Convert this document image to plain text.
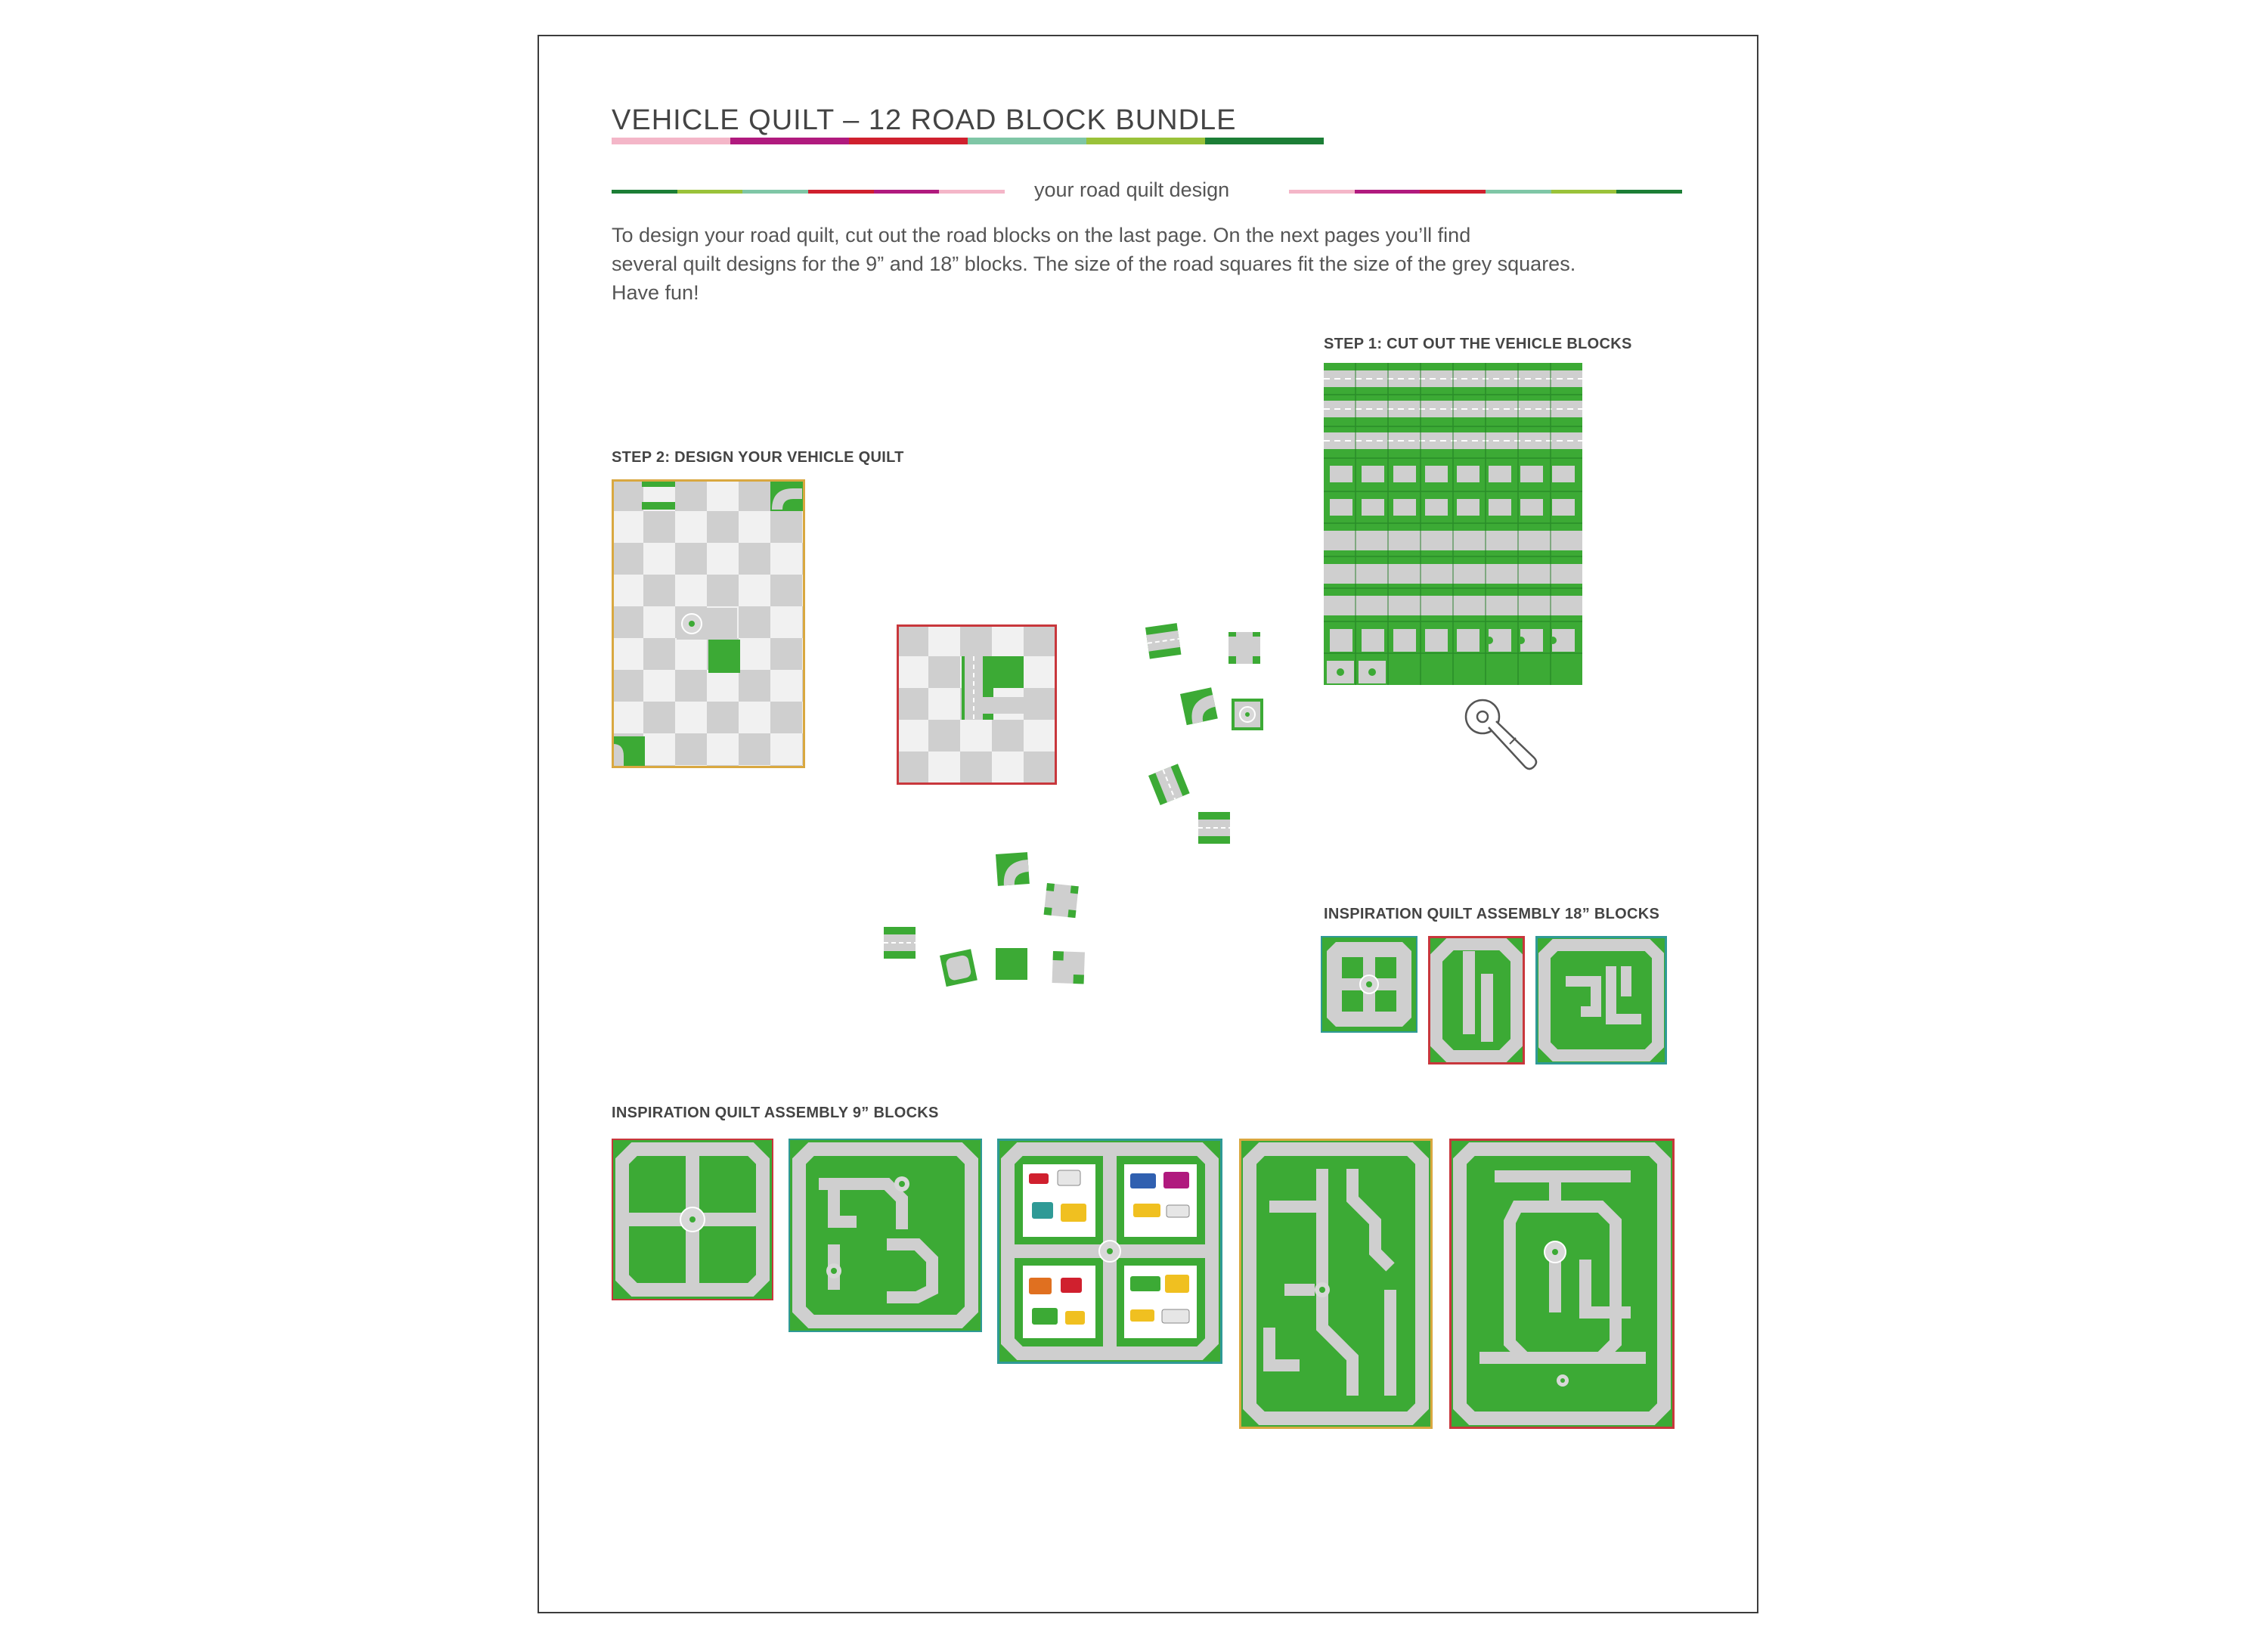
VEHICLE QUILT – 12 ROAD BLOCK BUNDLE
your road quilt design

To design your road quilt, cut out the road blocks on the last page. On the next pages you’ll find
several quilt designs for the 9” and 18” blocks. The size of the road squares fit the size of the grey squares.
Have fun!

STEP 1: CUT OUT THE VEHICLE BLOCKS
STEP 2: DESIGN YOUR VEHICLE QUILT
INSPIRATION QUILT ASSEMBLY 18” BLOCKS
INSPIRATION QUILT ASSEMBLY 9” BLOCKS
